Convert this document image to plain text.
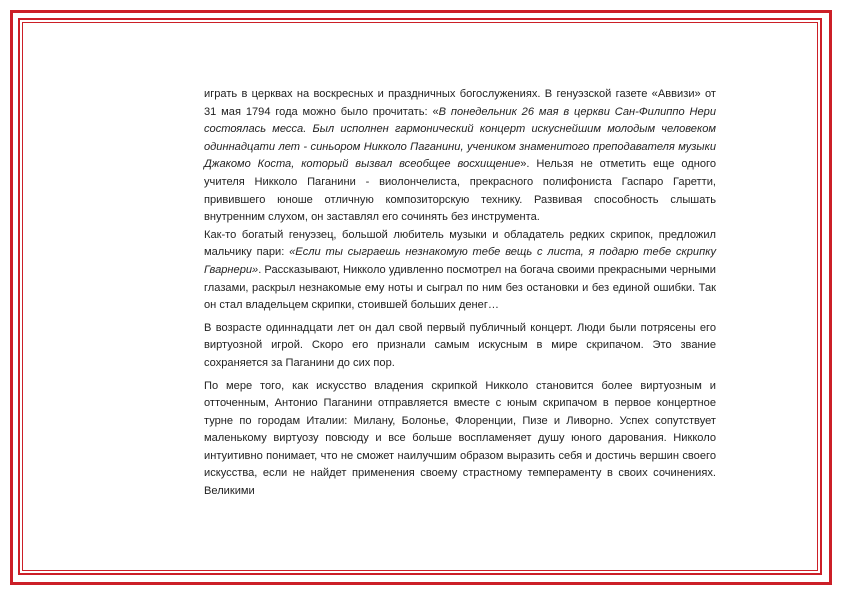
играть в церквах на воскресных и праздничных богослужениях. В генуэзской газете «Аввизи» от 31 мая 1794 года можно было прочитать: «В понедельник 26 мая в церкви Сан-Филиппо Нери состоялась месса. Был исполнен гармонический концерт искуснейшим молодым человеком одиннадцати лет - синьором Никколо Паганини, учеником знаменитого преподавателя музыки Джакомо Коста, который вызвал всеобщее восхищение». Нельзя не отметить еще одного учителя Никколо Паганини - виолончелиста, прекрасного полифониста Гаспаро Гаретти, привившего юноше отличную композиторскую технику. Развивая способность слышать внутренним слухом, он заставлял его сочинять без инструмента.

Как-то богатый генуэзец, большой любитель музыки и обладатель редких скрипок, предложил мальчику пари: «Если ты сыграешь незнакомую тебе вещь с листа, я подарю тебе скрипку Гварнери». Рассказывают, Никколо удивленно посмотрел на богача своими прекрасными черными глазами, раскрыл незнакомые ему ноты и сыграл по ним без остановки и без единой ошибки. Так он стал владельцем скрипки, стоившей больших денег…

В возрасте одиннадцати лет он дал свой первый публичный концерт. Люди были потрясены его виртуозной игрой. Скоро его признали самым искусным в мире скрипачом. Это звание сохраняется за Паганини до сих пор.

По мере того, как искусство владения скрипкой Никколо становится более виртуозным и отточенным, Антонио Паганини отправляется вместе с юным скрипачом в первое концертное турне по городам Италии: Милану, Болонье, Флоренции, Пизе и Ливорно. Успех сопутствует маленькому виртуозу повсюду и все больше воспламеняет душу юного дарования. Никколо интуитивно понимает, что не сможет наилучшим образом выразить себя и достичь вершин своего искусства, если не найдет применения своему страстному темпераменту в своих сочинениях. Великими
